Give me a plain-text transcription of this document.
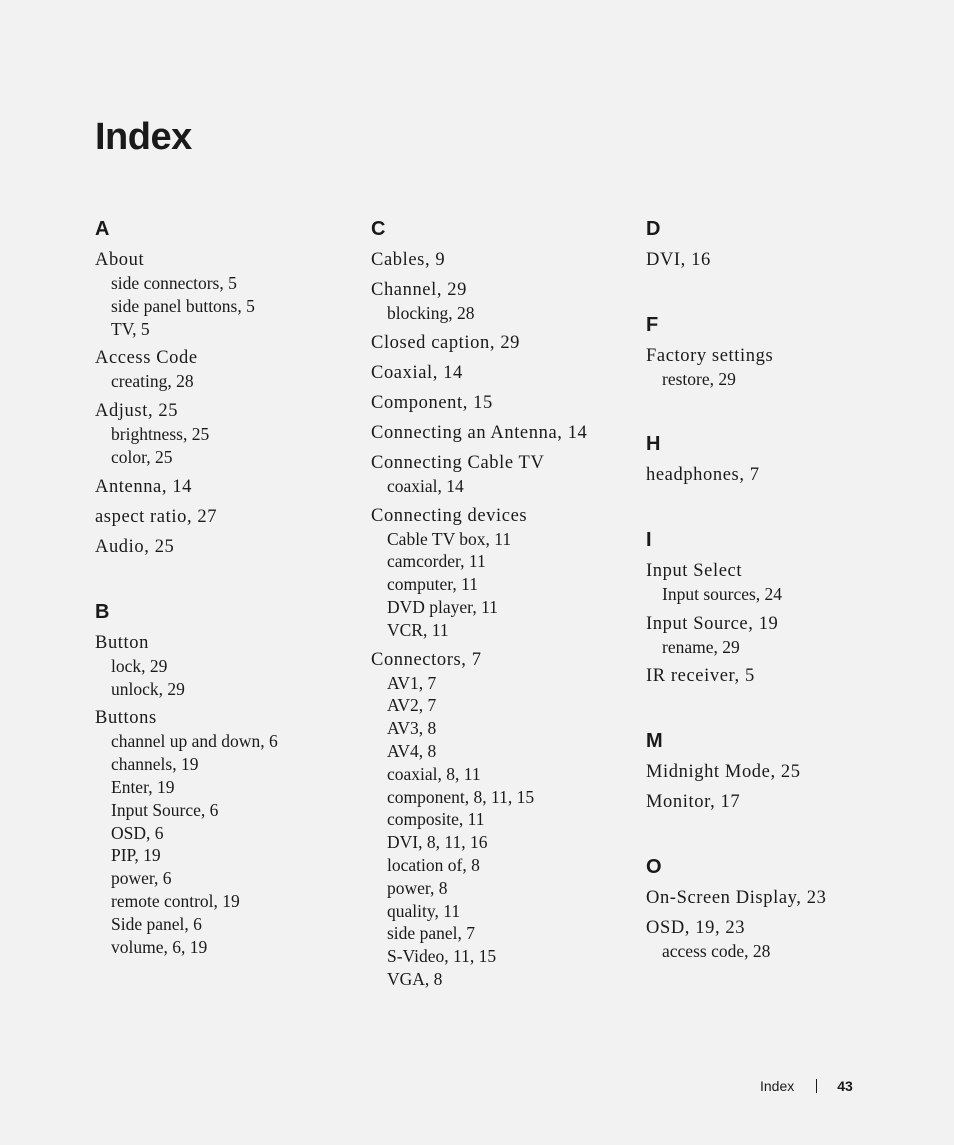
Index
A
About
side connectors, 5
side panel buttons, 5
TV, 5
Access Code
creating, 28
Adjust, 25
brightness, 25
color, 25
Antenna, 14
aspect ratio, 27
Audio, 25
B
Button
lock, 29
unlock, 29
Buttons
channel up and down, 6
channels, 19
Enter, 19
Input Source, 6
OSD, 6
PIP, 19
power, 6
remote control, 19
Side panel, 6
volume, 6, 19
C
Cables, 9
Channel, 29
blocking, 28
Closed caption, 29
Coaxial, 14
Component, 15
Connecting an Antenna, 14
Connecting Cable TV
coaxial, 14
Connecting devices
Cable TV box, 11
camcorder, 11
computer, 11
DVD player, 11
VCR, 11
Connectors, 7
AV1, 7
AV2, 7
AV3, 8
AV4, 8
coaxial, 8, 11
component, 8, 11, 15
composite, 11
DVI, 8, 11, 16
location of, 8
power, 8
quality, 11
side panel, 7
S-Video, 11, 15
VGA, 8
D
DVI, 16
F
Factory settings
restore, 29
H
headphones, 7
I
Input Select
Input sources, 24
Input Source, 19
rename, 29
IR receiver, 5
M
Midnight Mode, 25
Monitor, 17
O
On-Screen Display, 23
OSD, 19, 23
access code, 28
Index	43
